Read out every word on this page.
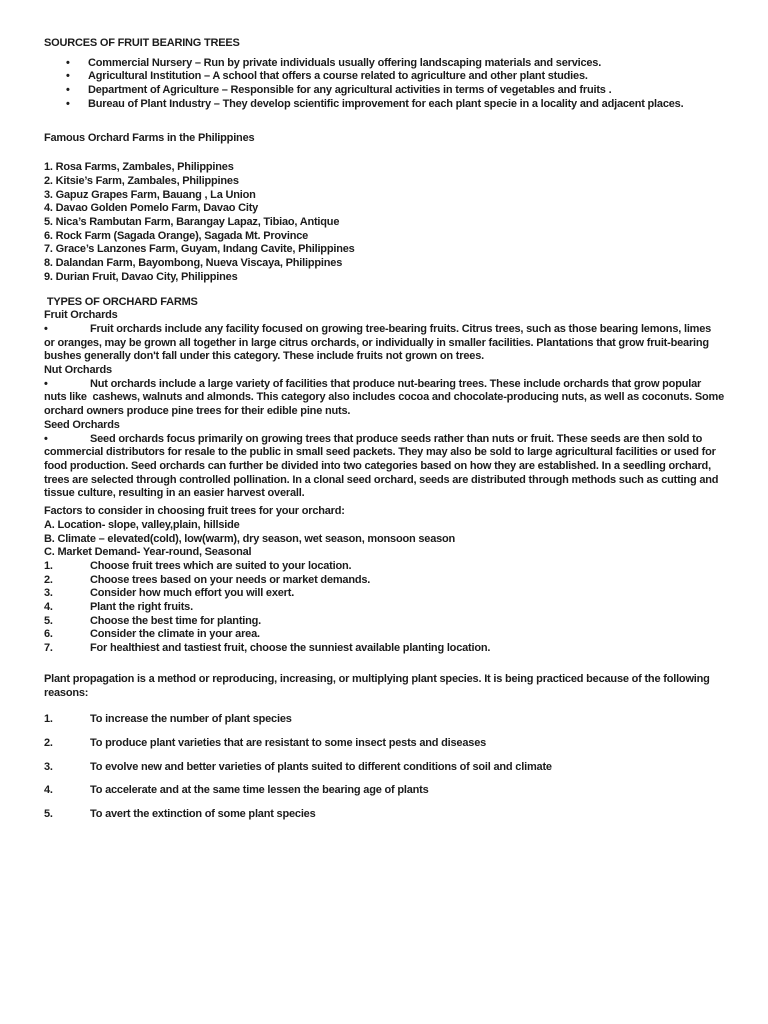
SOURCES OF FRUIT BEARING TREES
•	Commercial Nursery – Run by private individuals usually offering landscaping materials and services.
•	Agricultural Institution – A school that offers a course related to agriculture and other plant studies.
•	Department of Agriculture – Responsible for any agricultural activities in terms of vegetables and fruits .
•	Bureau of Plant Industry – They develop scientific improvement for each plant specie in a locality and adjacent places.
Famous Orchard Farms in the Philippines
1. Rosa Farms, Zambales, Philippines
2. Kitsie’s Farm, Zambales, Philippines
3. Gapuz Grapes Farm, Bauang , La Union
4. Davao Golden Pomelo Farm, Davao City
5. Nica’s Rambutan Farm, Barangay Lapaz, Tibiao, Antique
6. Rock Farm (Sagada Orange), Sagada Mt. Province
7. Grace’s Lanzones Farm, Guyam, Indang Cavite, Philippines
8. Dalandan Farm, Bayombong, Nueva Viscaya, Philippines
9. Durian Fruit, Davao City, Philippines
TYPES OF ORCHARD FARMS
Fruit Orchards

•	Fruit orchards include any facility focused on growing tree-bearing fruits. Citrus trees, such as those bearing lemons, limes or oranges, may be grown all together in large citrus orchards, or individually in smaller facilities. Plantations that grow fruit-bearing bushes generally don't fall under this category. These include fruits not grown on trees.

Nut Orchards

•	Nut orchards include a large variety of facilities that produce nut-bearing trees. These include orchards that grow popular nuts like  cashews, walnuts and almonds. This category also includes cocoa and chocolate-producing nuts, as well as coconuts. Some orchard owners produce pine trees for their edible pine nuts.

Seed Orchards

•	Seed orchards focus primarily on growing trees that produce seeds rather than nuts or fruit. These seeds are then sold to commercial distributors for resale to the public in small seed packets. They may also be sold to large agricultural facilities or used for food production. Seed orchards can further be divided into two categories based on how they are established. In a seedling orchard, trees are selected through controlled pollination. In a clonal seed orchard, seeds are distributed through methods such as cutting and tissue culture, resulting in an easier harvest overall.

Factors to consider in choosing fruit trees for your orchard:
A. Location- slope, valley,plain, hillside
B. Climate – elevated(cold), low(warm), dry season, wet season, monsoon season
C. Market Demand- Year-round, Seasonal
1.	Choose fruit trees which are suited to your location.
2.	Choose trees based on your needs or market demands.
3.	Consider how much effort you will exert.
4.	Plant the right fruits.
5.	Choose the best time for planting.
6.	Consider the climate in your area.
7.	For healthiest and tastiest fruit, choose the sunniest available planting location.

Plant propagation is a method or reproducing, increasing, or multiplying plant species. It is being practiced because of the following reasons:

1.	To increase the number of plant species
2.	To produce plant varieties that are resistant to some insect pests and diseases
3.	To evolve new and better varieties of plants suited to different conditions of soil and climate
4.	To accelerate and at the same time lessen the bearing age of plants
5.	To avert the extinction of some plant species
